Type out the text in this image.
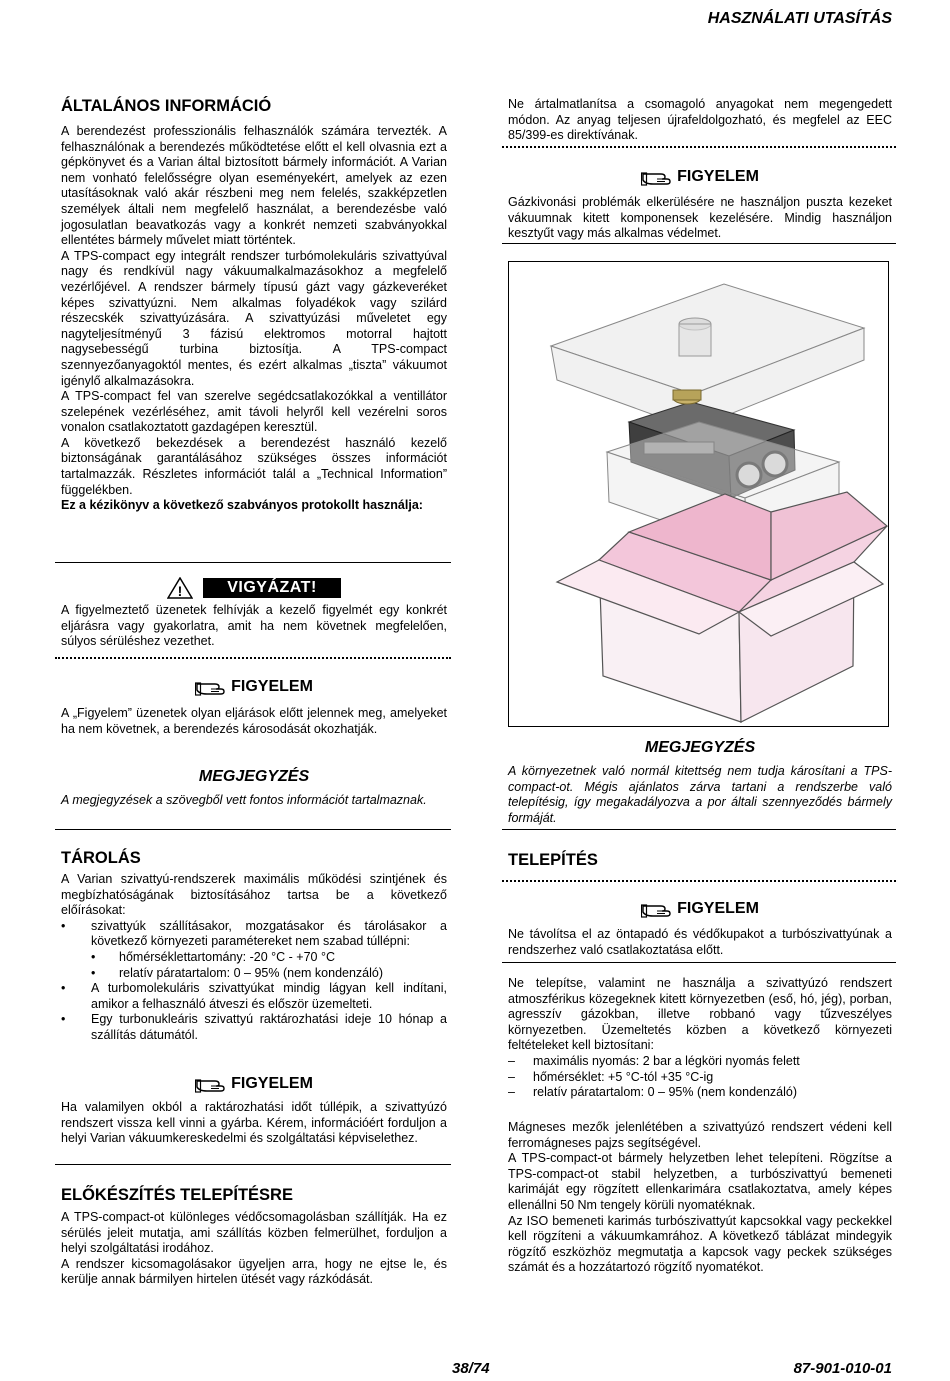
HASZNÁLATI UTASÍTÁS
ÁLTALÁNOS INFORMÁCIÓ

A berendezést professzionális felhasználók számára tervezték. A felhasználónak a berendezés működtetése előtt el kell olvasnia ezt a gépkönyvet és a Varian által biztosított bármely információt. A Varian nem vonható felelősségre olyan eseményekért, amelyek az ezen utasításoknak való akár részbeni meg nem felelés, szakképzetlen személyek általi nem megfelelő használat, a berendezésbe való jogosulatlan beavatkozás vagy a konkrét nemzeti szabványokkal ellentétes bármely művelet miatt történtek.

A TPS-compact egy integrált rendszer turbómolekuláris szivattyúval nagy és rendkívül nagy vákuumalkalmazásokhoz a megfelelő vezérlőjével. A rendszer bármely típusú gázt vagy gázkeveréket képes szivattyúzni. Nem alkalmas folyadékok vagy szilárd részecskék szivattyúzására. A szivattyúzási műveletet egy nagyteljesítményű 3 fázisú elektromos motorral hajtott nagysebességű turbina biztosítja. A TPS-compact szennyezőanyagoktól mentes, és ezért alkalmas „tiszta” vákuumot igénylő alkalmazásokra.

A TPS-compact fel van szerelve segédcsatlakozókkal a ventillátor szelepének vezérléséhez, amit távoli helyről kell vezérelni soros vonalon csatlakoztatott gazdagépen keresztül.

A következő bekezdések a berendezést használó kezelő biztonságának garantálásához szükséges összes információt tartalmazzák. Részletes információt talál a „Technical Information” függelékben.

Ez a kézikönyv a következő szabványos protokollt használja:

!	VIGYÁZAT!

A figyelmeztető üzenetek felhívják a kezelő figyelmét egy konkrét eljárásra vagy gyakorlatra, amit ha nem követnek megfelelően, súlyos sérüléshez vezethet.

FIGYELEM

A „Figyelem” üzenetek olyan eljárások előtt jelennek meg, amelyeket ha nem követnek, a berendezés károsodását okozhatják.

MEGJEGYZÉS

A megjegyzések a szövegből vett fontos információt tartalmaznak.

TÁROLÁS

A Varian szivattyú-rendszerek maximális működési szintjének és megbízhatóságának biztosításához tartsa be a következő előírásokat:

• szivattyúk szállításakor, mozgatásakor és tárolásakor a következő környezeti paramétereket nem szabad túllépni:
• hőmérséklettartomány: -20 °C - +70 °C
• relatív páratartalom: 0 – 95% (nem kondenzáló)
• A turbomolekuláris szivattyúkat mindig lágyan kell indítani, amikor a felhasználó átveszi és először üzemelteti.
• Egy turbonukleáris szivattyú raktározhatási ideje 10 hónap a szállítás dátumától.
FIGYELEM

Ha valamilyen okból a raktározhatási időt túllépik, a szivattyúzó rendszert vissza kell vinni a gyárba. Kérem, információért forduljon a helyi Varian vákuumkereskedelmi és szolgáltatási képviselethez.

ELŐKÉSZÍTÉS TELEPÍTÉSRE

A TPS-compact-ot különleges védőcsomagolásban szállítják. Ha ez sérülés jeleit mutatja, ami szállítás közben felmerülhet, forduljon a helyi szolgáltatási irodához.

A rendszer kicsomagolásakor ügyeljen arra, hogy ne ejtse le, és kerülje annak bármilyen hirtelen ütését vagy rázkódását.

Ne ártalmatlanítsa a csomagoló anyagokat nem megengedett módon. Az anyag teljesen újrafeldolgozható, és megfelel az EEC 85/399-es direktívának.

FIGYELEM

Gázkivonási problémák elkerülésére ne használjon puszta kezeket vákuumnak kitett komponensek kezelésére. Mindig használjon kesztyűt vagy más alkalmas védelmet.

MEGJEGYZÉS

A környezetnek való normál kitettség nem tudja károsítani a TPS-compact-ot. Mégis ajánlatos zárva tartani a rendszerbe való telepítésig, így megakadályozva a por általi szennyeződés bármely formáját.

TELEPÍTÉS
FIGYELEM

Ne távolítsa el az öntapadó és védőkupakot a turbószivattyúnak a rendszerhez való csatlakoztatása előtt.

Ne telepítse, valamint ne használja a szivattyúzó rendszert atmoszférikus közegeknek kitett környezetben (eső, hó, jég), porban, agresszív gázokban, illetve robbanó vagy tűzveszélyes környezetben. Üzemeltetés közben a következő környezeti feltételeket kell biztosítani:

– maximális nyomás: 2 bar a légköri nyomás felett
– hőmérséklet: +5 °C-tól +35 °C-ig
– relatív páratartalom: 0 – 95% (nem kondenzáló)

Mágneses mezők jelenlétében a szivattyúzó rendszert védeni kell ferromágneses pajzs segítségével.

A TPS-compact-ot bármely helyzetben lehet telepíteni. Rögzítse a TPS-compact-ot stabil helyzetben, a turbószivattyú bemeneti karimáját egy rögzített ellenkarimára csatlakoztatva, amely képes ellenállni 50 Nm tengely körüli nyomatéknak.

Az ISO bemeneti karimás turbószivattyút kapcsokkal vagy peckekkel kell rögzíteni a vákuumkamrához. A következő táblázat mindegyik rögzítő eszközhöz megmutatja a kapcsok vagy peckek szükséges számát és a hozzátartozó rögzítő nyomatékot.

38/74	87-901-010-01
